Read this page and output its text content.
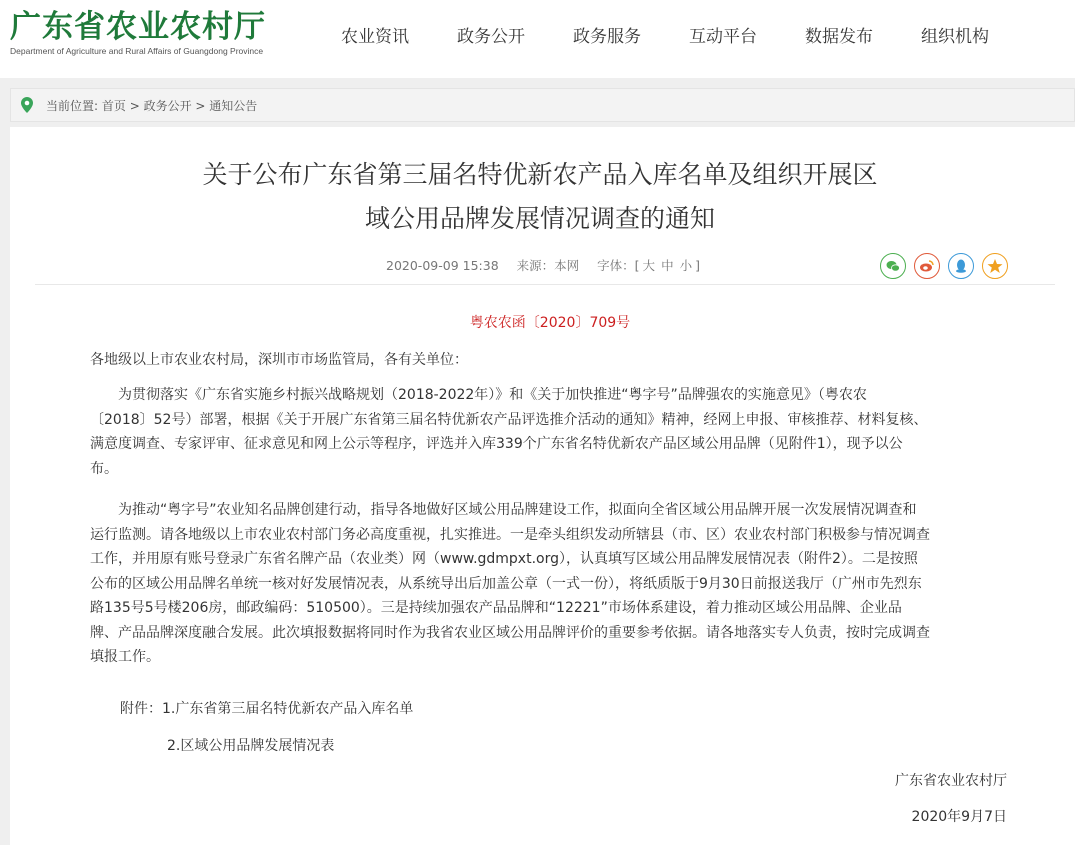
广东省农业农村厅
Department of Agriculture and Rural Affairs of Guangdong Province
农业资讯	政务公开	政务服务	互动平台	数据发布	组织机构
当前位置: 首页 > 政务公开 > 通知公告
关于公布广东省第三届名特优新农产品入库名单及组织开展区
域公用品牌发展情况调查的通知
2020-09-09 15:38 来源：本网 字体：[ 大 中 小 ]
粤农农函〔2020〕709号
各地级以上市农业农村局，深圳市市场监管局，各有关单位：
为贯彻落实《广东省实施乡村振兴战略规划（2018-2022年）》和《关于加快推进“粤字号”品牌强农的实施意见》（粤农农
〔2018〕52号）部署，根据《关于开展广东省第三届名特优新农产品评选推介活动的通知》精神，经网上申报、审核推荐、材料复核、
满意度调查、专家评审、征求意见和网上公示等程序，评选并入库339个广东省名特优新农产品区域公用品牌（见附件1），现予以公
布。
为推动“粤字号”农业知名品牌创建行动，指导各地做好区域公用品牌建设工作，拟面向全省区域公用品牌开展一次发展情况调查和
运行监测。请各地级以上市农业农村部门务必高度重视，扎实推进。一是牵头组织发动所辖县（市、区）农业农村部门积极参与情况调查
工作，并用原有账号登录广东省名牌产品（农业类）网（www.gdmpxt.org），认真填写区域公用品牌发展情况表（附件2）。二是按照
公布的区域公用品牌名单统一核对好发展情况表，从系统导出后加盖公章（一式一份），将纸质版于9月30日前报送我厅（广州市先烈东
路135号5号楼206房，邮政编码：510500）。三是持续加强农产品品牌和“12221”市场体系建设，着力推动区域公用品牌、企业品
牌、产品品牌深度融合发展。此次填报数据将同时作为我省农业区域公用品牌评价的重要参考依据。请各地落实专人负责，按时完成调查
填报工作。
附件：1.广东省第三届名特优新农产品入库名单
2.区域公用品牌发展情况表
广东省农业农村厅
2020年9月7日
